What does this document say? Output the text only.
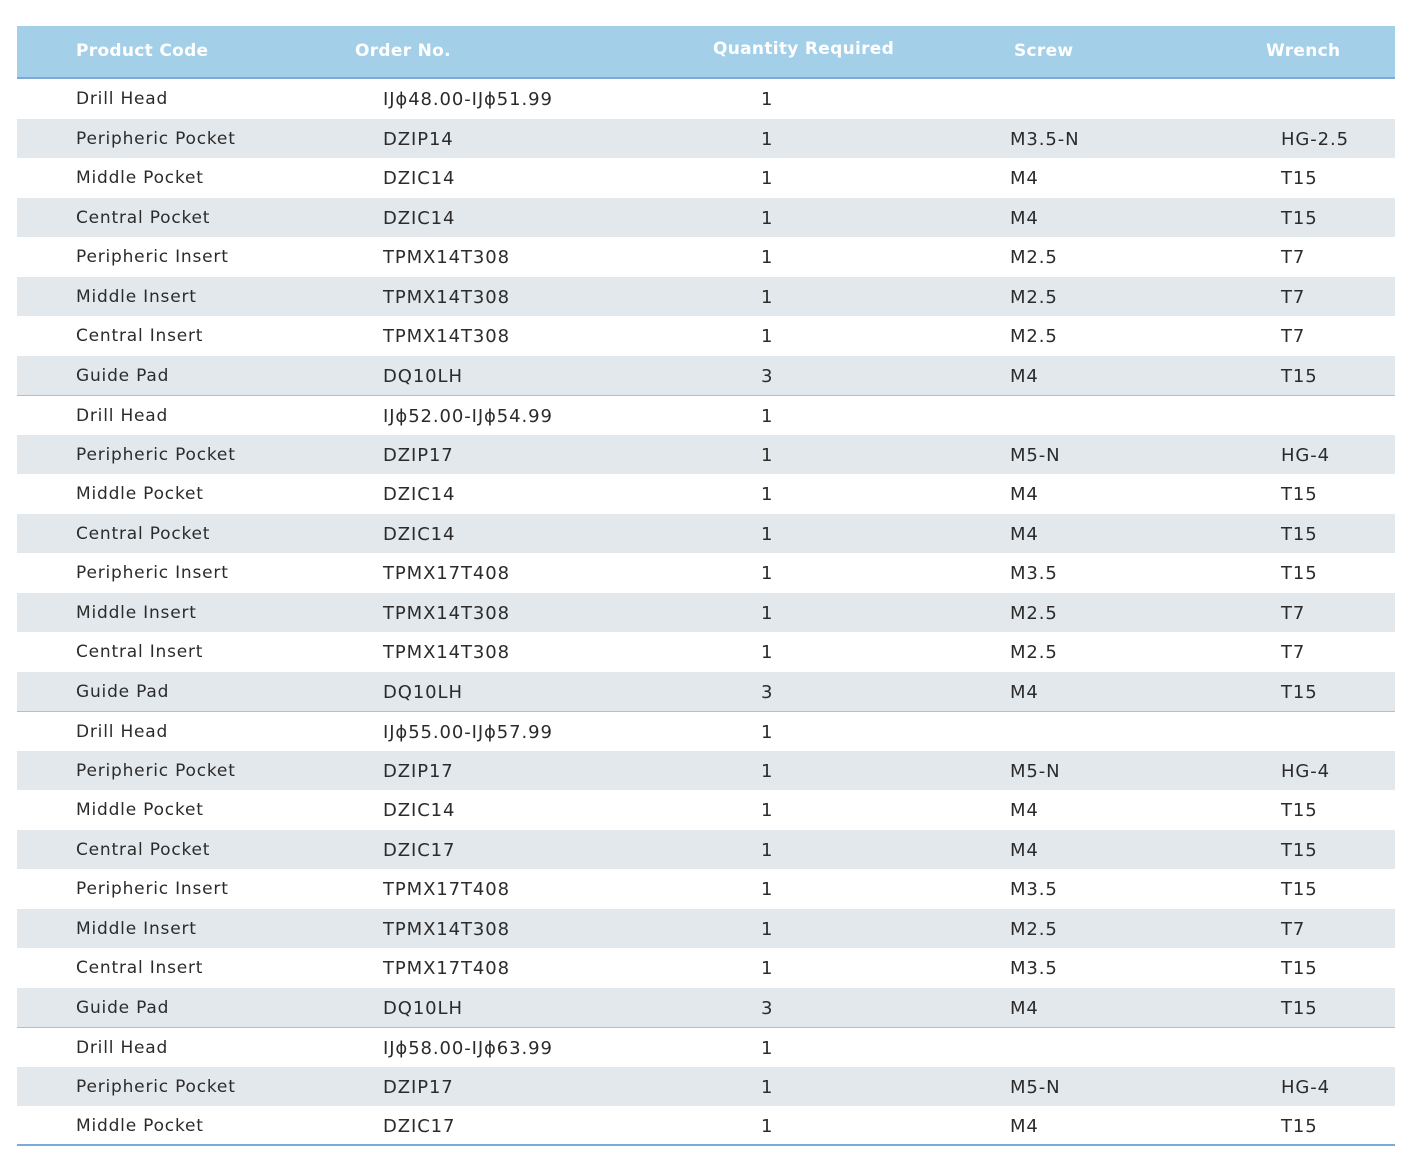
Product Code	Order No.	Quantity Required	Screw	Wrench
Drill Head	IJϕ48.00-IJϕ51.99	1
Peripheric Pocket	DZIP14	1	M3.5-N	HG-2.5
Middle Pocket	DZIC14	1	M4	T15
Central Pocket	DZIC14	1	M4	T15
Peripheric Insert	TPMX14T308	1	M2.5	T7
Middle Insert	TPMX14T308	1	M2.5	T7
Central Insert	TPMX14T308	1	M2.5	T7
Guide Pad	DQ10LH	3	M4	T15
Drill Head	IJϕ52.00-IJϕ54.99	1
Peripheric Pocket	DZIP17	1	M5-N	HG-4
Middle Pocket	DZIC14	1	M4	T15
Central Pocket	DZIC14	1	M4	T15
Peripheric Insert	TPMX17T408	1	M3.5	T15
Middle Insert	TPMX14T308	1	M2.5	T7
Central Insert	TPMX14T308	1	M2.5	T7
Guide Pad	DQ10LH	3	M4	T15
Drill Head	IJϕ55.00-IJϕ57.99	1
Peripheric Pocket	DZIP17	1	M5-N	HG-4
Middle Pocket	DZIC14	1	M4	T15
Central Pocket	DZIC17	1	M4	T15
Peripheric Insert	TPMX17T408	1	M3.5	T15
Middle Insert	TPMX14T308	1	M2.5	T7
Central Insert	TPMX17T408	1	M3.5	T15
Guide Pad	DQ10LH	3	M4	T15
Drill Head	IJϕ58.00-IJϕ63.99	1
Peripheric Pocket	DZIP17	1	M5-N	HG-4
Middle Pocket	DZIC17	1	M4	T15
